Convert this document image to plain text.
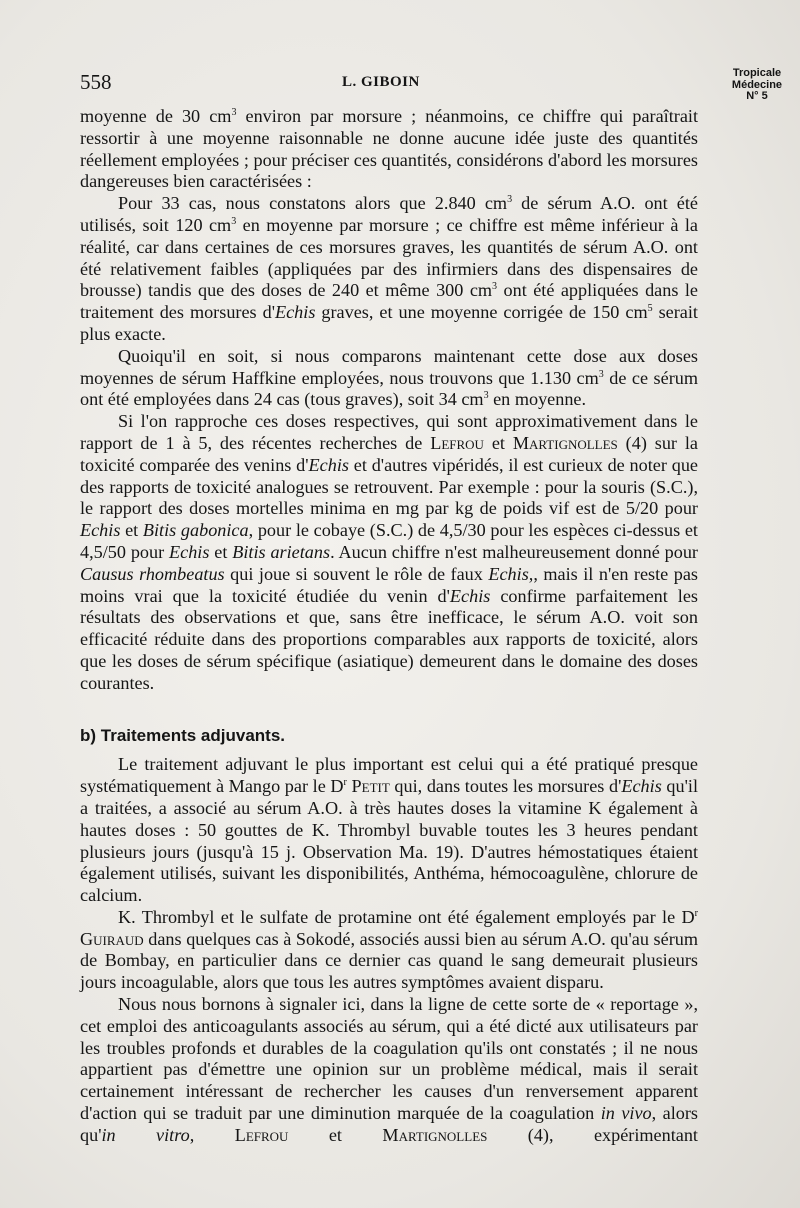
558	L. GIBOIN
Tropicale
Médecine
N° 5

moyenne de 30 $cm^3$ environ par morsure ; néanmoins, ce chiffre qui paraîtrait ressortir à une moyenne raisonnable ne donne aucune idée juste des quantités réellement employées ; pour préciser ces quantités, considérons d'abord les morsures dangereuses bien caractérisées :

Pour 33 cas, nous constatons alors que 2.840 $cm^3$ de sérum A.O. ont été utilisés, soit 120 $cm^3$ en moyenne par morsure ; ce chiffre est même inférieur à la réalité, car dans certaines de ces morsures graves, les quantités de sérum A.O. ont été relativement faibles (appliquées par des infirmiers dans des dispensaires de brousse) tandis que des doses de 240 et même 300 $cm^3$ ont été appliquées dans le traitement des morsures d'Echis graves, et une moyenne corrigée de 150 $cm^5$ serait plus exacte.

Quoiqu'il en soit, si nous comparons maintenant cette dose aux doses moyennes de sérum Haffkine employées, nous trouvons que 1.130 $cm^3$ de ce sérum ont été employées dans 24 cas (tous graves), soit 34 $cm^3$ en moyenne.

Si l'on rapproche ces doses respectives, qui sont approximativement dans le rapport de 1 à 5, des récentes recherches de Lefrou et Martignolles (4) sur la toxicité comparée des venins d'Echis et d'autres vipéridés, il est curieux de noter que des rapports de toxicité analogues se retrouvent. Par exemple : pour la souris (S.C.), le rapport des doses mortelles minima en mg par kg de poids vif est de 5/20 pour Echis et Bitis gabonica, pour le cobaye (S.C.) de 4,5/30 pour les espèces ci-dessus et 4,5/50 pour Echis et Bitis arietans. Aucun chiffre n'est malheureusement donné pour Causus rhombeatus qui joue si souvent le rôle de faux Echis,, mais il n'en reste pas moins vrai que la toxicité étudiée du venin d'Echis confirme parfaitement les résultats des observations et que, sans être inefficace, le sérum A.O. voit son efficacité réduite dans des proportions comparables aux rapports de toxicité, alors que les doses de sérum spécifique (asiatique) demeurent dans le domaine des doses courantes.

b) Traitements adjuvants.

Le traitement adjuvant le plus important est celui qui a été pratiqué presque systématiquement à Mango par le $D^r$ Petit qui, dans toutes les morsures d'Echis qu'il a traitées, a associé au sérum A.O. à très hautes doses la vitamine K également à hautes doses : 50 gouttes de K. Thrombyl buvable toutes les 3 heures pendant plusieurs jours (jusqu'à 15 j. Observation Ma. 19). D'autres hémostatiques étaient également utilisés, suivant les disponibilités, Anthéma, hémocoagulène, chlorure de calcium.

K. Thrombyl et le sulfate de protamine ont été également employés par le $D^r$ Guiraud dans quelques cas à Sokodé, associés aussi bien au sérum A.O. qu'au sérum de Bombay, en particulier dans ce dernier cas quand le sang demeurait plusieurs jours incoagulable, alors que tous les autres symptômes avaient disparu.

Nous nous bornons à signaler ici, dans la ligne de cette sorte de « reportage », cet emploi des anticoagulants associés au sérum, qui a été dicté aux utilisateurs par les troubles profonds et durables de la coagulation qu'ils ont constatés ; il ne nous appartient pas d'émettre une opinion sur un problème médical, mais il serait certainement intéressant de rechercher les causes d'un renversement apparent d'action qui se traduit par une diminution marquée de la coagulation in vivo, alors qu'in vitro, Lefrou et Martignolles (4), expérimentant
